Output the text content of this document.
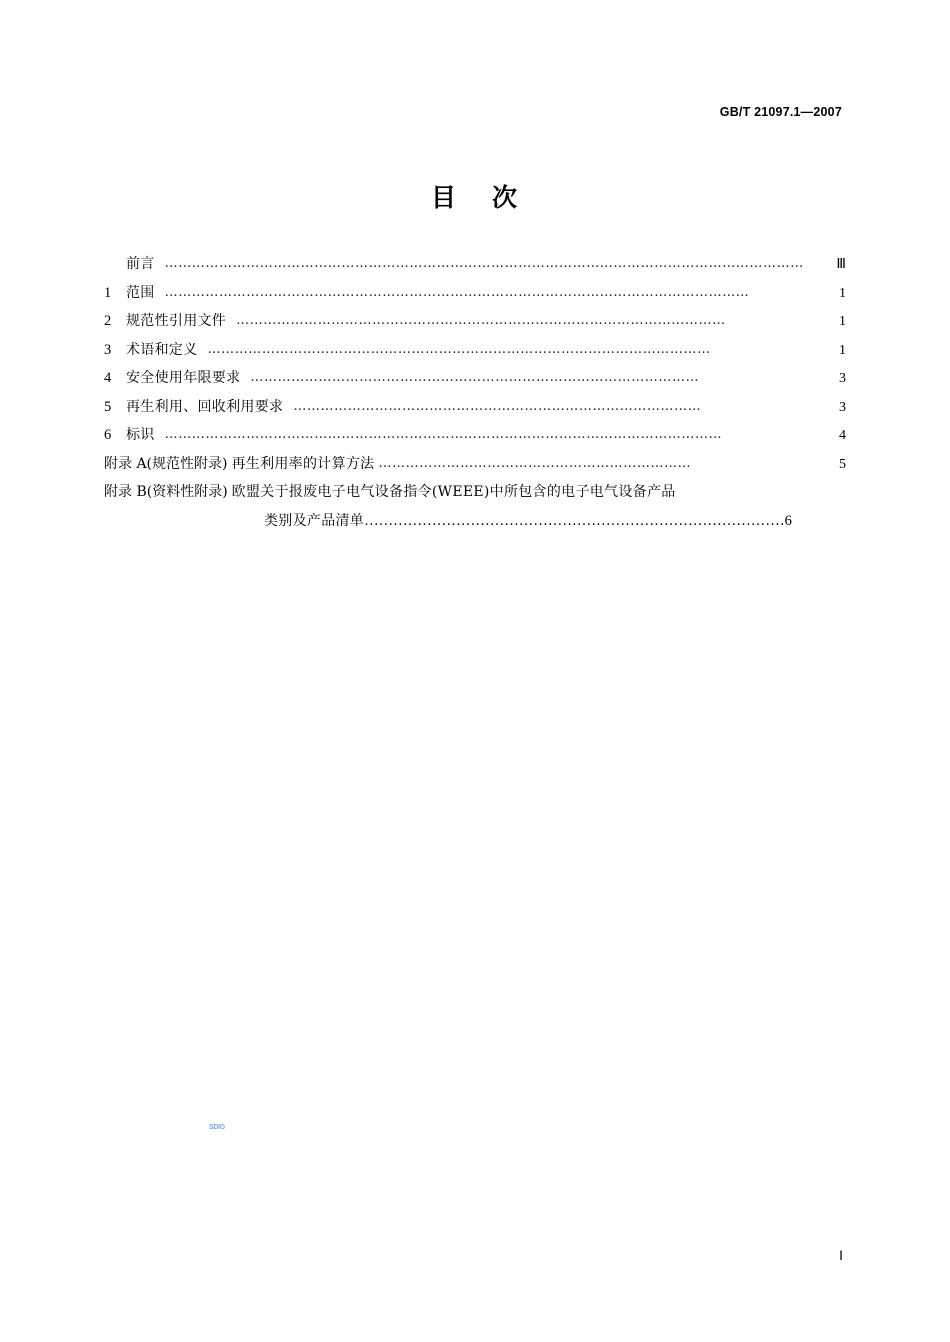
GB/T 21097.1—2007
目 次
前言 ……………………………………………………………………………………………………………………………	Ⅲ
1	范围 …………………………………………………………………………………………………………………	1
2	规范性引用文件 ………………………………………………………………………………………………	1
3	术语和定义 …………………………………………………………………………………………………	1
4	安全使用年限要求 ………………………………………………………………………………………	3
5	再生利用、回收利用要求 ………………………………………………………………………………	3
6	标识 ……………………………………………………………………………………………………………	4
附录 A(规范性附录) 再生利用率的计算方法 ……………………………………………………………	5
附录 B(资料性附录) 欧盟关于报废电子电气设备指令(WEEE)中所包含的电子电气设备产品
类别及产品清单 …………………………………………………………………………… 6
SDIG
Ⅰ
